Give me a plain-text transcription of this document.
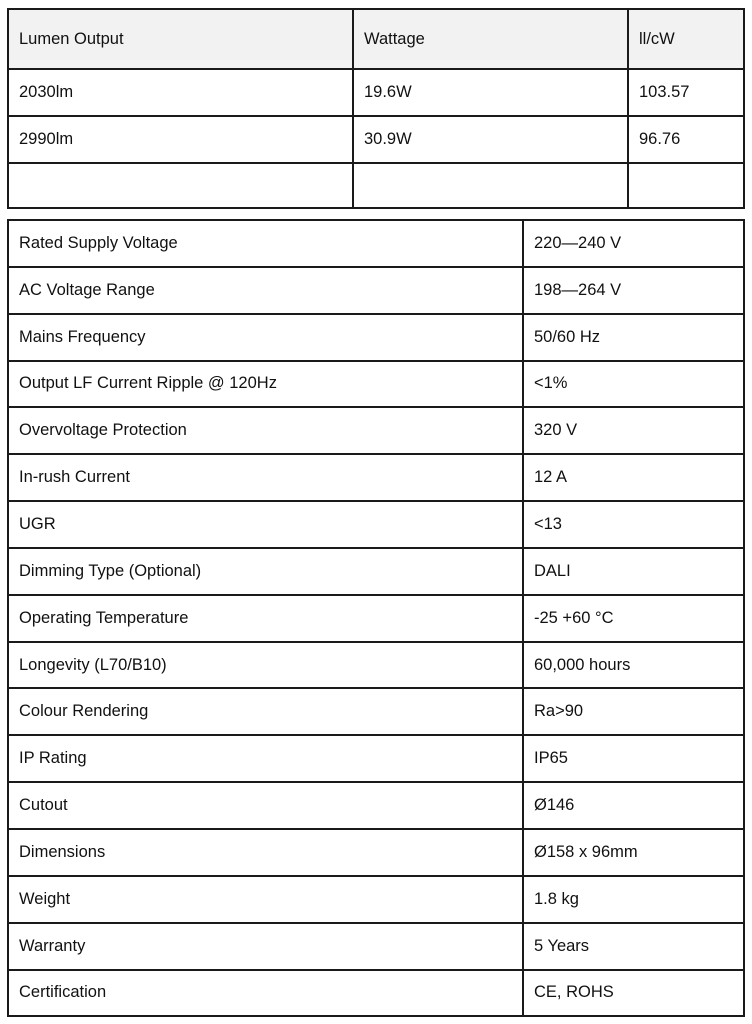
Lumen Output	Wattage	ll/cW
2030lm	19.6W	103.57
2990lm	30.9W	96.76

Rated Supply Voltage	220—240 V
AC Voltage Range	198—264 V
Mains Frequency	50/60 Hz
Output LF Current Ripple @ 120Hz	<1%
Overvoltage Protection	320 V
In-rush Current	12 A
UGR	<13
Dimming Type (Optional)	DALI
Operating Temperature	-25 +60 °C
Longevity (L70/B10)	60,000 hours
Colour Rendering	Ra>90
IP Rating	IP65
Cutout	Ø146
Dimensions	Ø158 x 96mm
Weight	1.8 kg
Warranty	5 Years
Certification	CE, ROHS
